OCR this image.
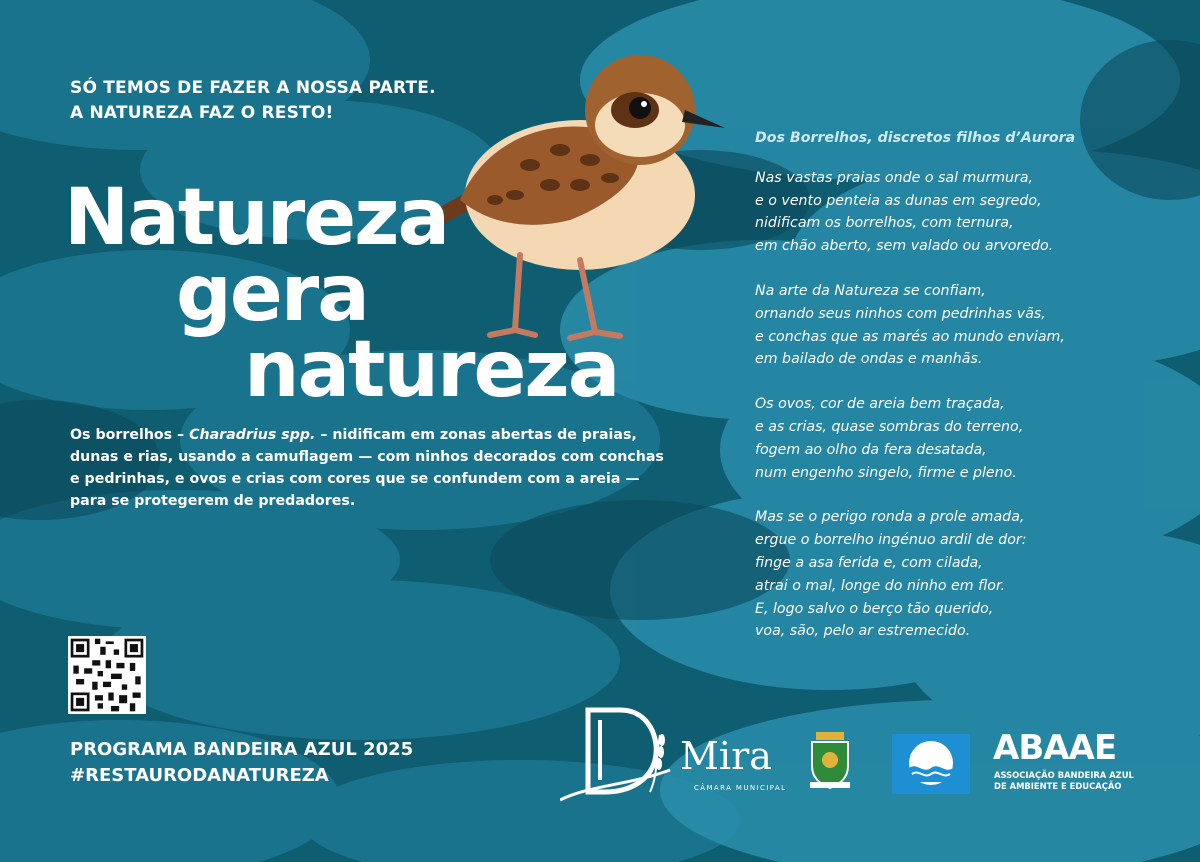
SÓ TEMOS DE FAZER A NOSSA PARTE.
A NATUREZA FAZ O RESTO!
Natureza
gera
natureza
Os borrelhos – Charadrius spp. – nidificam em zonas abertas de praias, dunas e rias, usando a camuflagem — com ninhos decorados com conchas e pedrinhas, e ovos e crias com cores que se confundem com a areia — para se protegerem de predadores.
Dos Borrelhos, discretos filhos d’Aurora
Nas vastas praias onde o sal murmura,
e o vento penteia as dunas em segredo,
nidificam os borrelhos, com ternura,
em chão aberto, sem valado ou arvoredo.
Na arte da Natureza se confiam,
ornando seus ninhos com pedrinhas vãs,
e conchas que as marés ao mundo enviam,
em bailado de ondas e manhãs.
Os ovos, cor de areia bem traçada,
e as crias, quase sombras do terreno,
fogem ao olho da fera desatada,
num engenho singelo, firme e pleno.
Mas se o perigo ronda a prole amada,
ergue o borrelho ingénuo ardil de dor:
finge a asa ferida e, com cilada,
atrai o mal, longe do ninho em flor.
E, logo salvo o berço tão querido,
voa, são, pelo ar estremecido.
PROGRAMA BANDEIRA AZUL 2025
#RESTAURODANATUREZA	Mira
CÂMARA MUNICIPAL
ABAAE
ASSOCIAÇÃO BANDEIRA AZUL
DE AMBIENTE E EDUCAÇÃO
